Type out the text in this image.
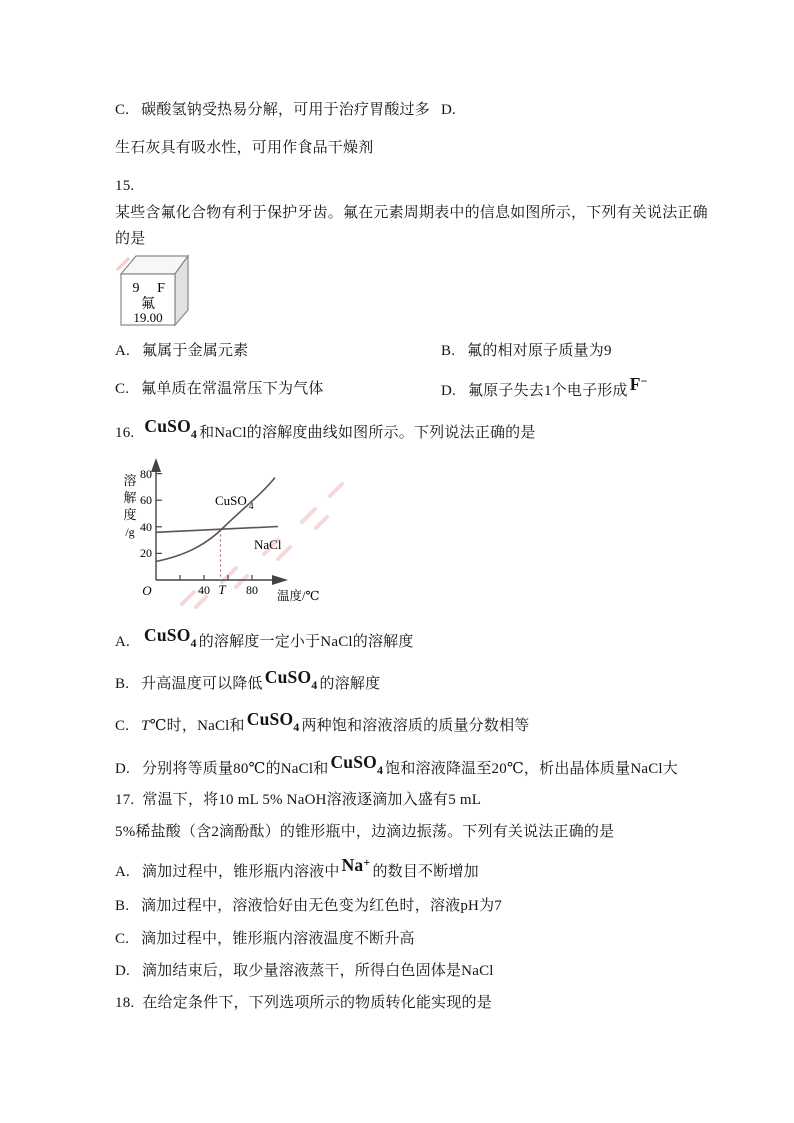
C. 碳酸氢钠受热易分解，可用于治疗胃酸过多 D.
生石灰具有吸水性，可用作食品干燥剂
15.
某些含氟化合物有利于保护牙齿。氟在元素周期表中的信息如图所示，下列有关说法正确
的是
9 F
氟
19.00
A. 氟属于金属元素	B. 氟的相对原子质量为9
C. 氟单质在常温常压下为气体	D. 氟原子失去1个电子形成 F−
16. CuSO$_4$ 和NaCl的溶解度曲线如图所示。下列说法正确的是
溶
解
度
/g
80
60
40
20
O	40 T 80 温度/℃
CuSO 4
NaCl
A. CuSO$_4$ 的溶解度一定小于NaCl的溶解度
B. 升高温度可以降低 CuSO$_4$ 的溶解度
C. T℃时，NaCl和 CuSO$_4$ 两种饱和溶液溶质的质量分数相等
D. 分别将等质量80℃的NaCl和 CuSO$_4$ 饱和溶液降温至20℃，析出晶体质量NaCl大
17. 常温下，将10 mL 5% NaOH溶液逐滴加入盛有5 mL
5%稀盐酸（含2滴酚酞）的锥形瓶中，边滴边振荡。下列有关说法正确的是
A. 滴加过程中，锥形瓶内溶液中 Na+的数目不断增加
B. 滴加过程中，溶液恰好由无色变为红色时，溶液pH为7
C. 滴加过程中，锥形瓶内溶液温度不断升高
D. 滴加结束后，取少量溶液蒸干，所得白色固体是NaCl
18. 在给定条件下，下列选项所示的物质转化能实现的是
